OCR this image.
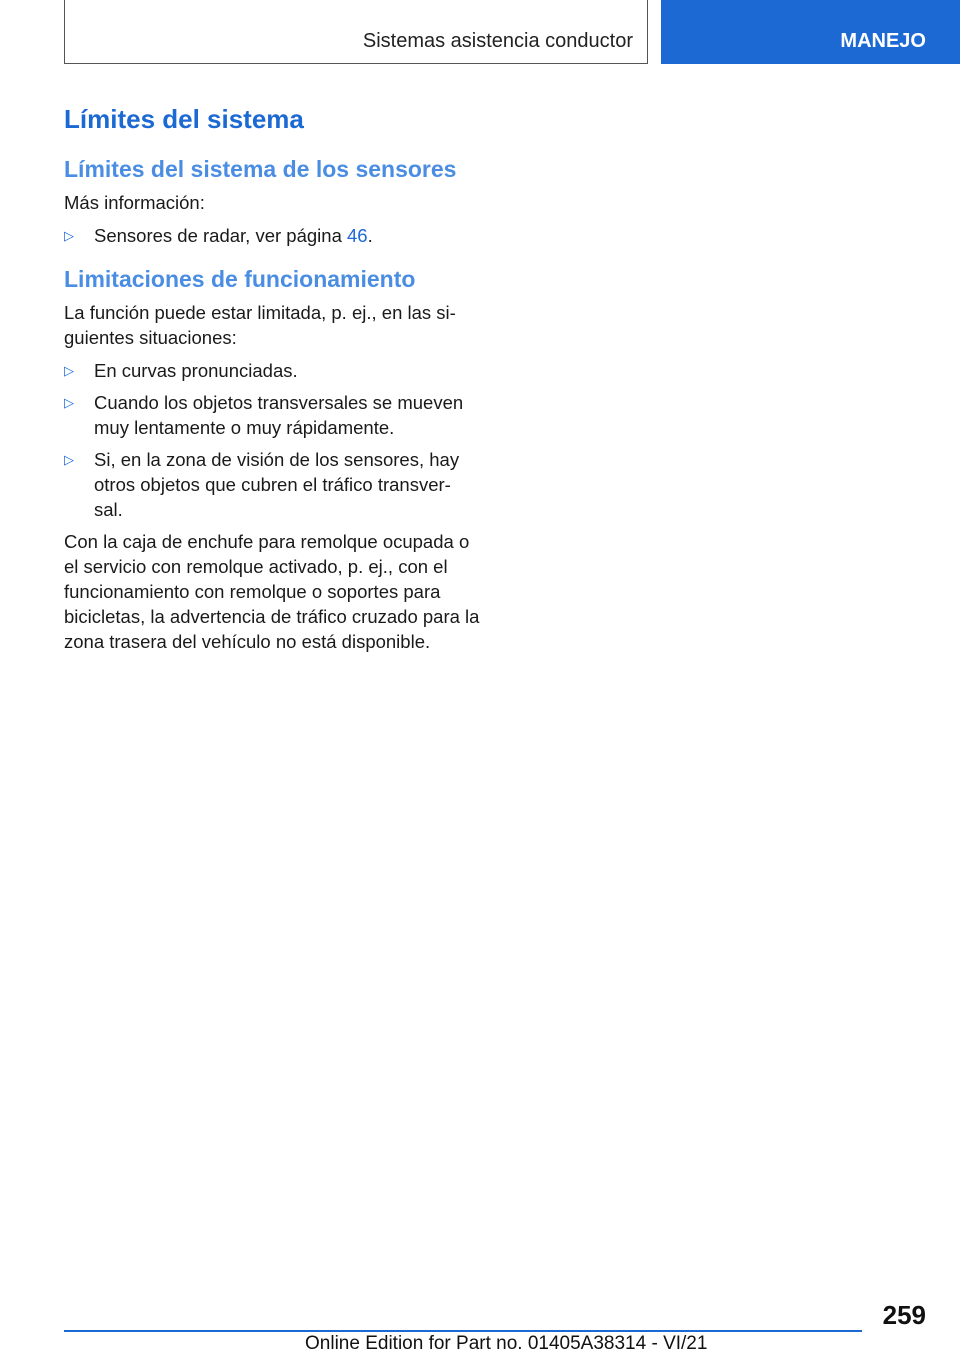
Sistemas asistencia conductor	MANEJO
Límites del sistema
Límites del sistema de los sensores

Más información:

▷ Sensores de radar, ver página 46.
Limitaciones de funcionamiento

La función puede estar limitada, p. ej., en las si-
guientes situaciones:

▷ En curvas pronunciadas.
▷ Cuando los objetos transversales se mueven muy lentamente o muy rápidamente.
▷ Si, en la zona de visión de los sensores, hay otros objetos que cubren el tráfico transver-
sal.

Con la caja de enchufe para remolque ocupada o el servicio con remolque activado, p. ej., con el funcionamiento con remolque o soportes para bicicletas, la advertencia de tráfico cruzado para la zona trasera del vehículo no está disponible.

259
Online Edition for Part no. 01405A38314 - VI/21
